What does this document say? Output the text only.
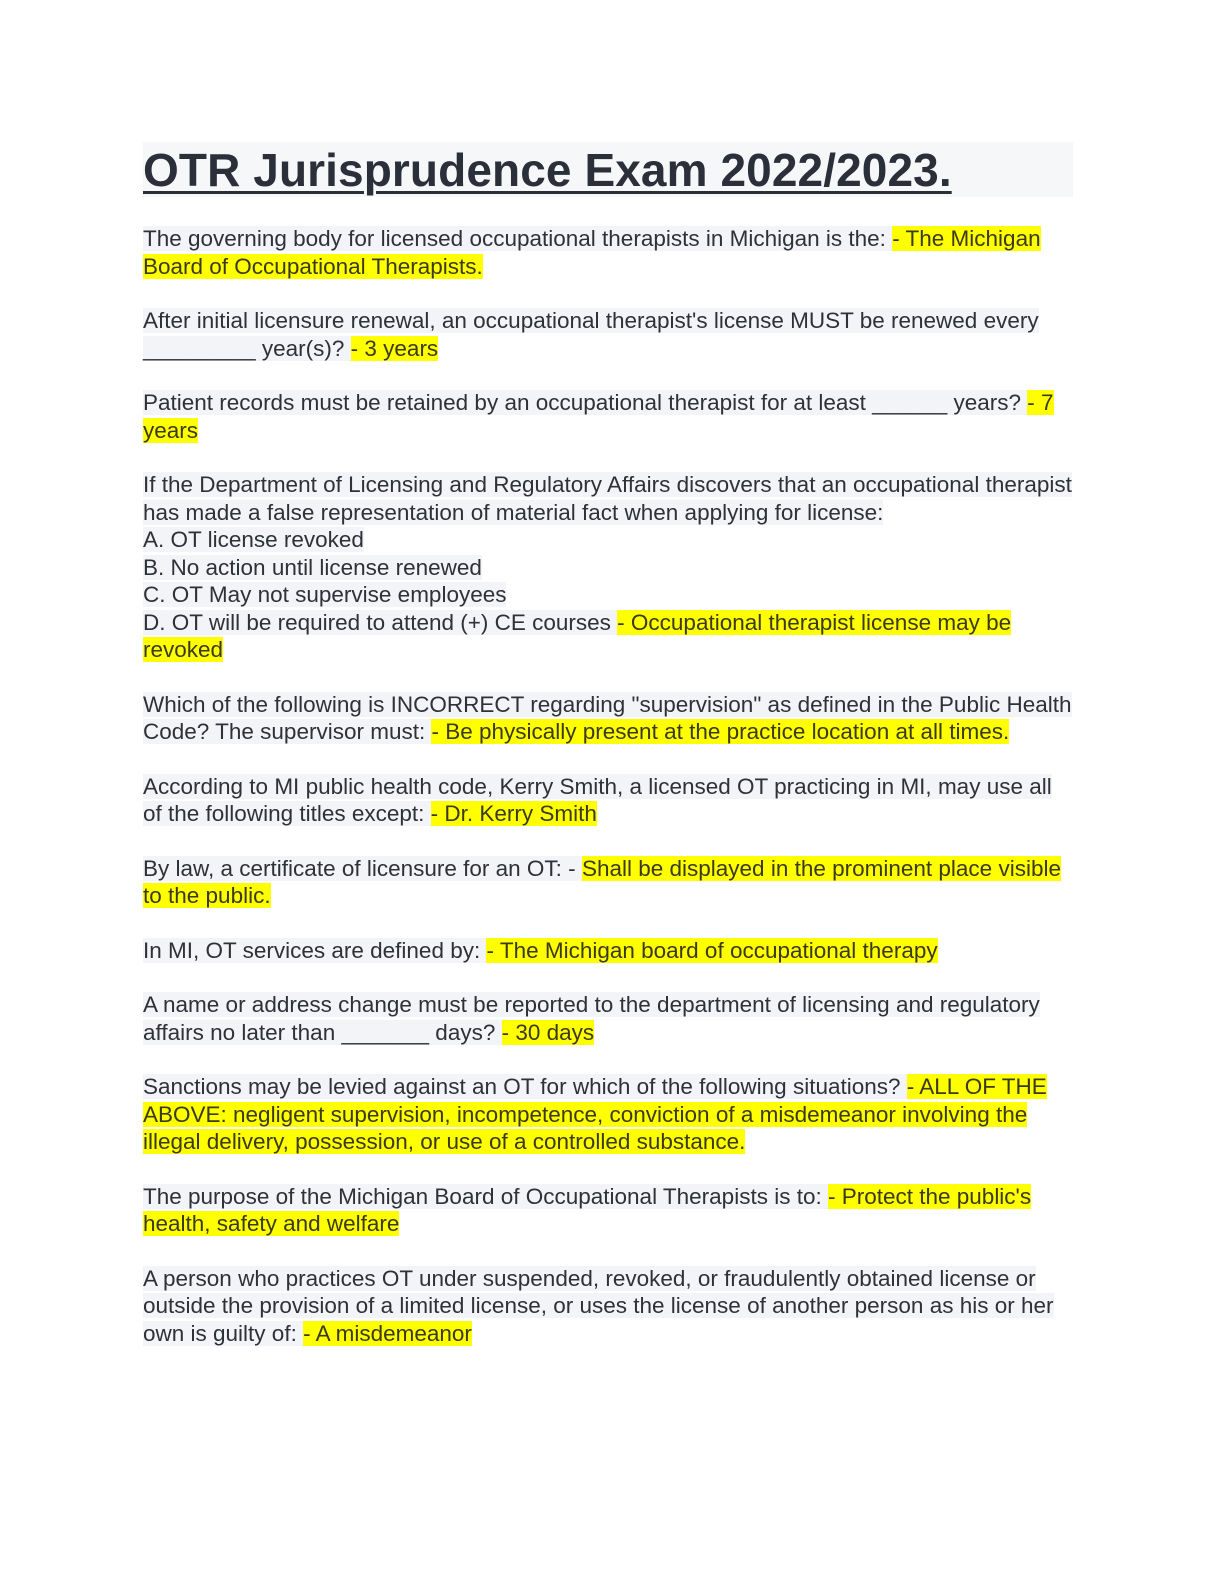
OTR Jurisprudence Exam 2022/2023.

The governing body for licensed occupational therapists in Michigan is the: - The Michigan Board of Occupational Therapists.

After initial licensure renewal, an occupational therapist's license MUST be renewed every _________ year(s)? - 3 years

Patient records must be retained by an occupational therapist for at least ______ years? - 7 years

If the Department of Licensing and Regulatory Affairs discovers that an occupational therapist has made a false representation of material fact when applying for license:
A. OT license revoked
B. No action until license renewed
C. OT May not supervise employees
D. OT will be required to attend (+) CE courses - Occupational therapist license may be revoked

Which of the following is INCORRECT regarding "supervision" as defined in the Public Health Code? The supervisor must: - Be physically present at the practice location at all times.

According to MI public health code, Kerry Smith, a licensed OT practicing in MI, may use all of the following titles except: - Dr. Kerry Smith

By law, a certificate of licensure for an OT: - Shall be displayed in the prominent place visible to the public.

In MI, OT services are defined by: - The Michigan board of occupational therapy

A name or address change must be reported to the department of licensing and regulatory affairs no later than _______ days? - 30 days

Sanctions may be levied against an OT for which of the following situations? - ALL OF THE ABOVE: negligent supervision, incompetence, conviction of a misdemeanor involving the illegal delivery, possession, or use of a controlled substance.

The purpose of the Michigan Board of Occupational Therapists is to: - Protect the public's health, safety and welfare

A person who practices OT under suspended, revoked, or fraudulently obtained license or outside the provision of a limited license, or uses the license of another person as his or her own is guilty of: - A misdemeanor
